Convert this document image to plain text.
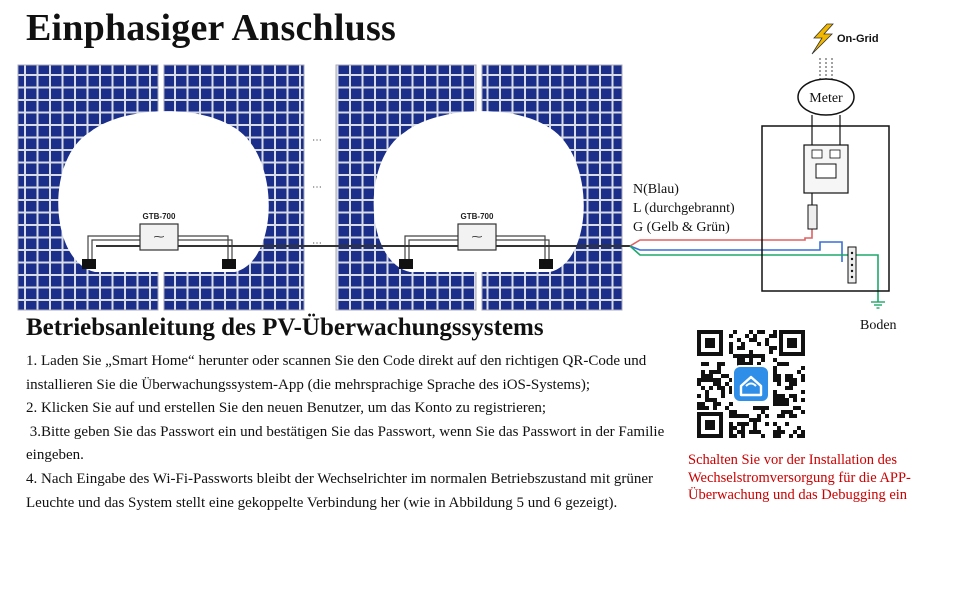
Einphasiger Anschluss
⋯
⋯
⋯
⁓
GTB-700
⁓
GTB-700
N(Blau)
L (durchgebrannt)
G (Gelb & Grün)
On-Grid
Meter
Boden
Betriebsanleitung des PV-Überwachungssystems

1. Laden Sie „Smart Home“ herunter oder scannen Sie den Code direkt auf den richtigen QR-Code und installieren Sie die Überwachungssystem-App (die mehrsprachige Sprache des iOS-Systems);

2. Klicken Sie auf und erstellen Sie den neuen Benutzer, um das Konto zu registrieren;

3.Bitte geben Sie das Passwort ein und bestätigen Sie das Passwort, wenn Sie das Passwort in der Familie eingeben.

4. Nach Eingabe des Wi-Fi-Passworts bleibt der Wechselrichter im normalen Betriebszustand mit grüner Leuchte und das System stellt eine gekoppelte Verbindung her (wie in Abbildung 5 und 6 gezeigt).

Schalten Sie vor der Installation des Wechselstromversorgung für die APP-Überwachung und das Debugging ein
